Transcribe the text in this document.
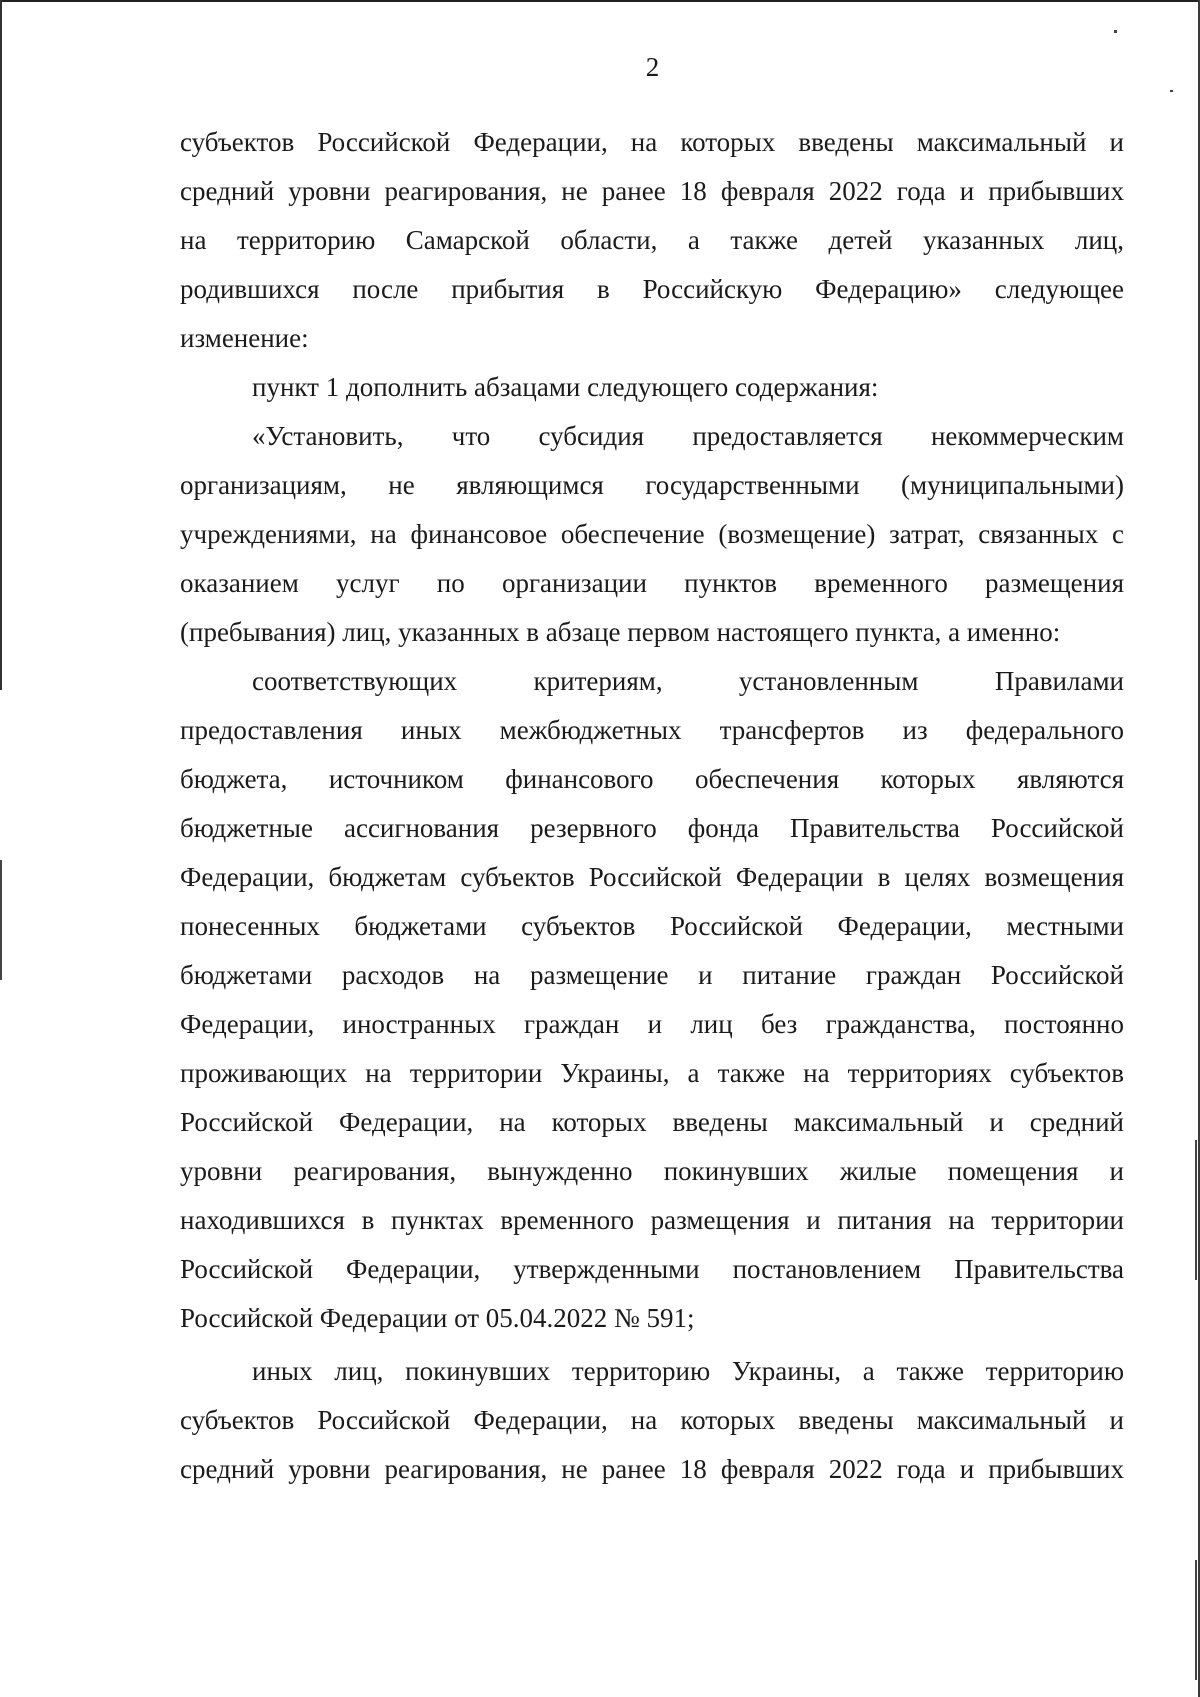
2
субъектов Российской Федерации, на которых введены максимальный и
средний уровни реагирования, не ранее 18 февраля 2022 года и прибывших
на территорию Самарской области, а также детей указанных лиц,
родившихся после прибытия в Российскую Федерацию» следующее
изменение:
пункт 1 дополнить абзацами следующего содержания:
«Установить, что субсидия предоставляется некоммерческим
организациям, не являющимся государственными (муниципальными)
учреждениями, на финансовое обеспечение (возмещение) затрат, связанных с
оказанием услуг по организации пунктов временного размещения
(пребывания) лиц, указанных в абзаце первом настоящего пункта, а именно:
соответствующих критериям, установленным Правилами
предоставления иных межбюджетных трансфертов из федерального
бюджета, источником финансового обеспечения которых являются
бюджетные ассигнования резервного фонда Правительства Российской
Федерации, бюджетам субъектов Российской Федерации в целях возмещения
понесенных бюджетами субъектов Российской Федерации, местными
бюджетами расходов на размещение и питание граждан Российской
Федерации, иностранных граждан и лиц без гражданства, постоянно
проживающих на территории Украины, а также на территориях субъектов
Российской Федерации, на которых введены максимальный и средний
уровни реагирования, вынужденно покинувших жилые помещения и
находившихся в пунктах временного размещения и питания на территории
Российской Федерации, утвержденными постановлением Правительства
Российской Федерации от 05.04.2022 № 591;
иных лиц, покинувших территорию Украины, а также территорию
субъектов Российской Федерации, на которых введены максимальный и
средний уровни реагирования, не ранее 18 февраля 2022 года и прибывших
